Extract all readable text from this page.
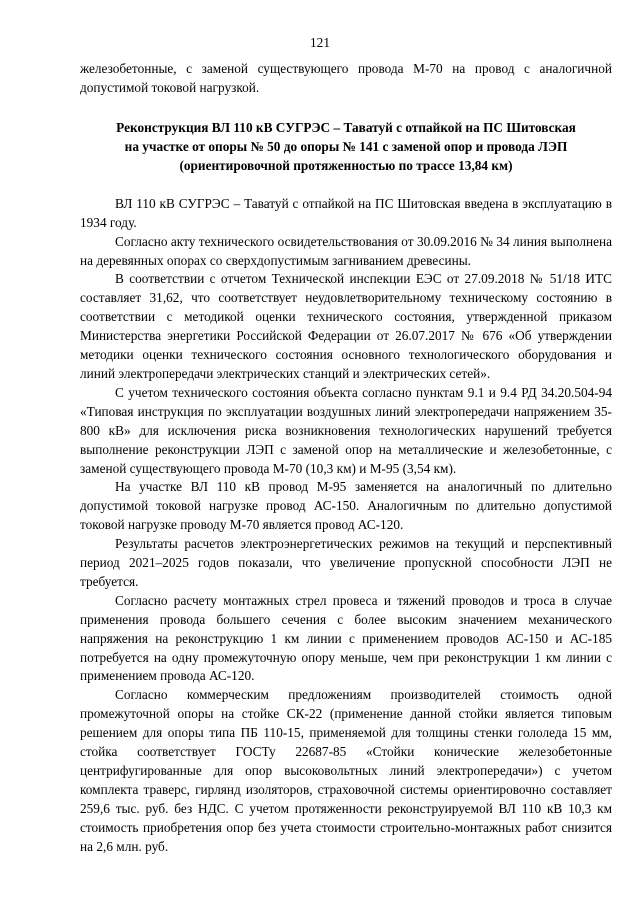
121

железобетонные, с заменой существующего провода М-70 на провод с аналогичной допустимой токовой нагрузкой.

Реконструкция ВЛ 110 кВ СУГРЭС – Таватуй с отпайкой на ПС Шитовская
на участке от опоры № 50 до опоры № 141 с заменой опор и провода ЛЭП
(ориентировочной протяженностью по трассе 13,84 км)

ВЛ 110 кВ СУГРЭС – Таватуй с отпайкой на ПС Шитовская введена в эксплуатацию в 1934 году.

Согласно акту технического освидетельствования от 30.09.2016 № 34 линия выполнена на деревянных опорах со сверхдопустимым загниванием древесины.

В соответствии с отчетом Технической инспекции ЕЭС от 27.09.2018 № 51/18 ИТС составляет 31,62, что соответствует неудовлетворительному техническому состоянию в соответствии с методикой оценки технического состояния, утвержденной приказом Министерства энергетики Российской Федерации от 26.07.2017 № 676 «Об утверждении методики оценки технического состояния основного технологического оборудования и линий электропередачи электрических станций и электрических сетей».

С учетом технического состояния объекта согласно пунктам 9.1 и 9.4 РД 34.20.504-94 «Типовая инструкция по эксплуатации воздушных линий электропередачи напряжением 35-800 кВ» для исключения риска возникновения технологических нарушений требуется выполнение реконструкции ЛЭП с заменой опор на металлические и железобетонные, с заменой существующего провода М-70 (10,3 км) и М-95 (3,54 км).

На участке ВЛ 110 кВ провод М-95 заменяется на аналогичный по длительно допустимой токовой нагрузке провод АС-150. Аналогичным по длительно допустимой токовой нагрузке проводу М-70 является провод АС-120.

Результаты расчетов электроэнергетических режимов на текущий и перспективный период 2021–2025 годов показали, что увеличение пропускной способности ЛЭП не требуется.

Согласно расчету монтажных стрел провеса и тяжений проводов и троса в случае применения провода большего сечения с более высоким значением механического напряжения на реконструкцию 1 км линии с применением проводов АС-150 и АС-185 потребуется на одну промежуточную опору меньше, чем при реконструкции 1 км линии с применением провода АС-120.

Согласно коммерческим предложениям производителей стоимость одной промежуточной опоры на стойке СК-22 (применение данной стойки является типовым решением для опоры типа ПБ 110-15, применяемой для толщины стенки гололеда 15 мм, стойка соответствует ГОСТу 22687-85 «Стойки конические железобетонные центрифугированные для опор высоковольтных линий электропередачи») с учетом комплекта траверс, гирлянд изоляторов, страховочной системы ориентировочно составляет 259,6 тыс. руб. без НДС. С учетом протяженности реконструируемой ВЛ 110 кВ 10,3 км стоимость приобретения опор без учета стоимости строительно-монтажных работ снизится на 2,6 млн. руб.
